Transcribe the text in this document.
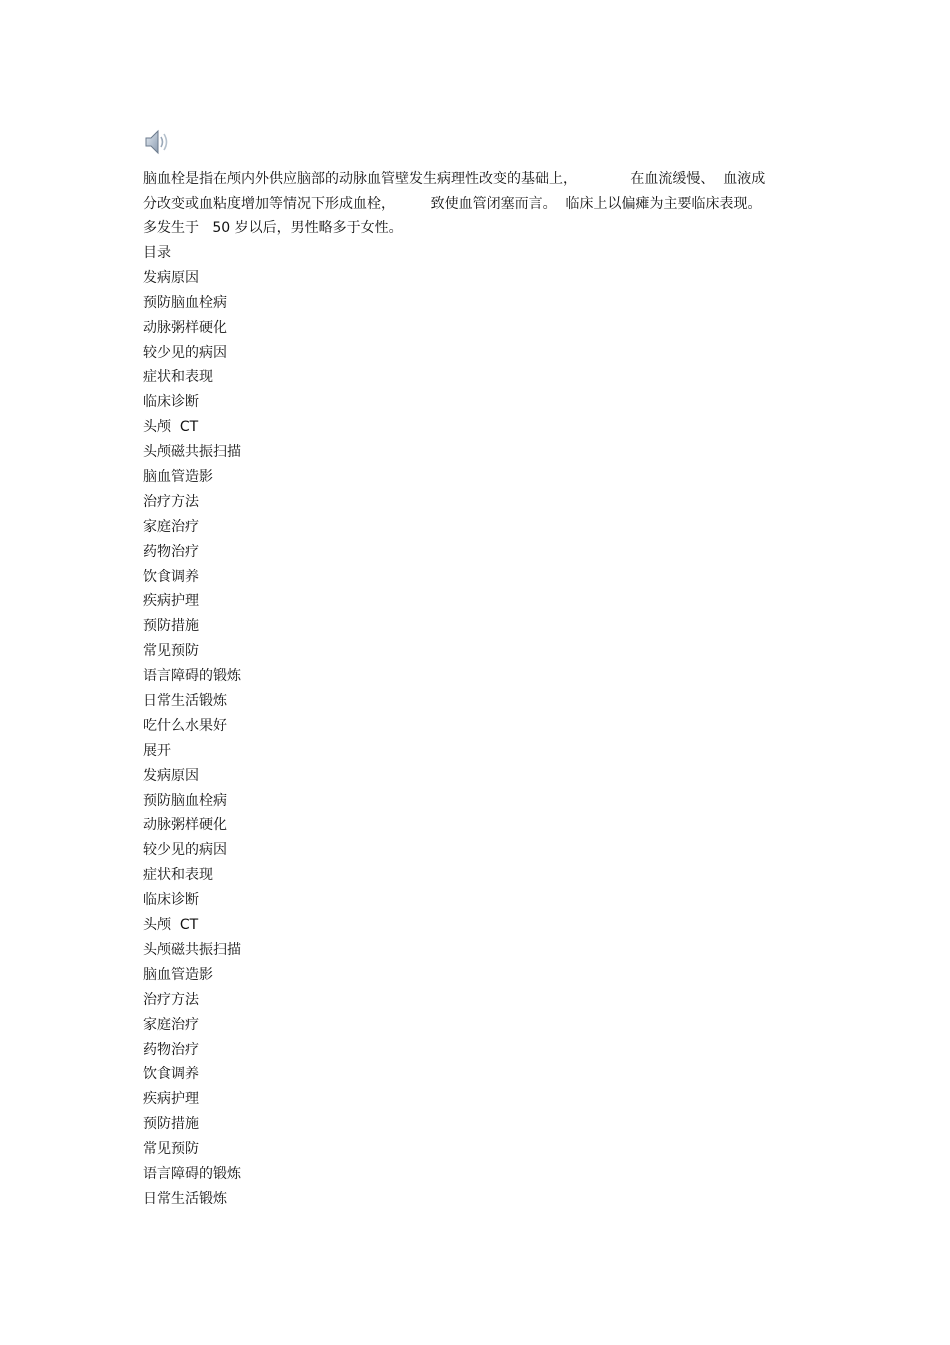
脑血栓是指在颅内外供应脑部的动脉血管壁发生病理性改变的基础上，            在血流缓慢、  血液成
分改变或血粘度增加等情况下形成血栓，        致使血管闭塞而言。  临床上以偏瘫为主要临床表现。
多发生于   50 岁以后，男性略多于女性。
目录
发病原因
预防脑血栓病
动脉粥样硬化
较少见的病因
症状和表现
临床诊断
头颅  CT
头颅磁共振扫描
脑血管造影
治疗方法
家庭治疗
药物治疗
饮食调养
疾病护理
预防措施
常见预防
语言障碍的锻炼
日常生活锻炼
吃什么水果好
展开
发病原因
预防脑血栓病
动脉粥样硬化
较少见的病因
症状和表现
临床诊断
头颅  CT
头颅磁共振扫描
脑血管造影
治疗方法
家庭治疗
药物治疗
饮食调养
疾病护理
预防措施
常见预防
语言障碍的锻炼
日常生活锻炼
